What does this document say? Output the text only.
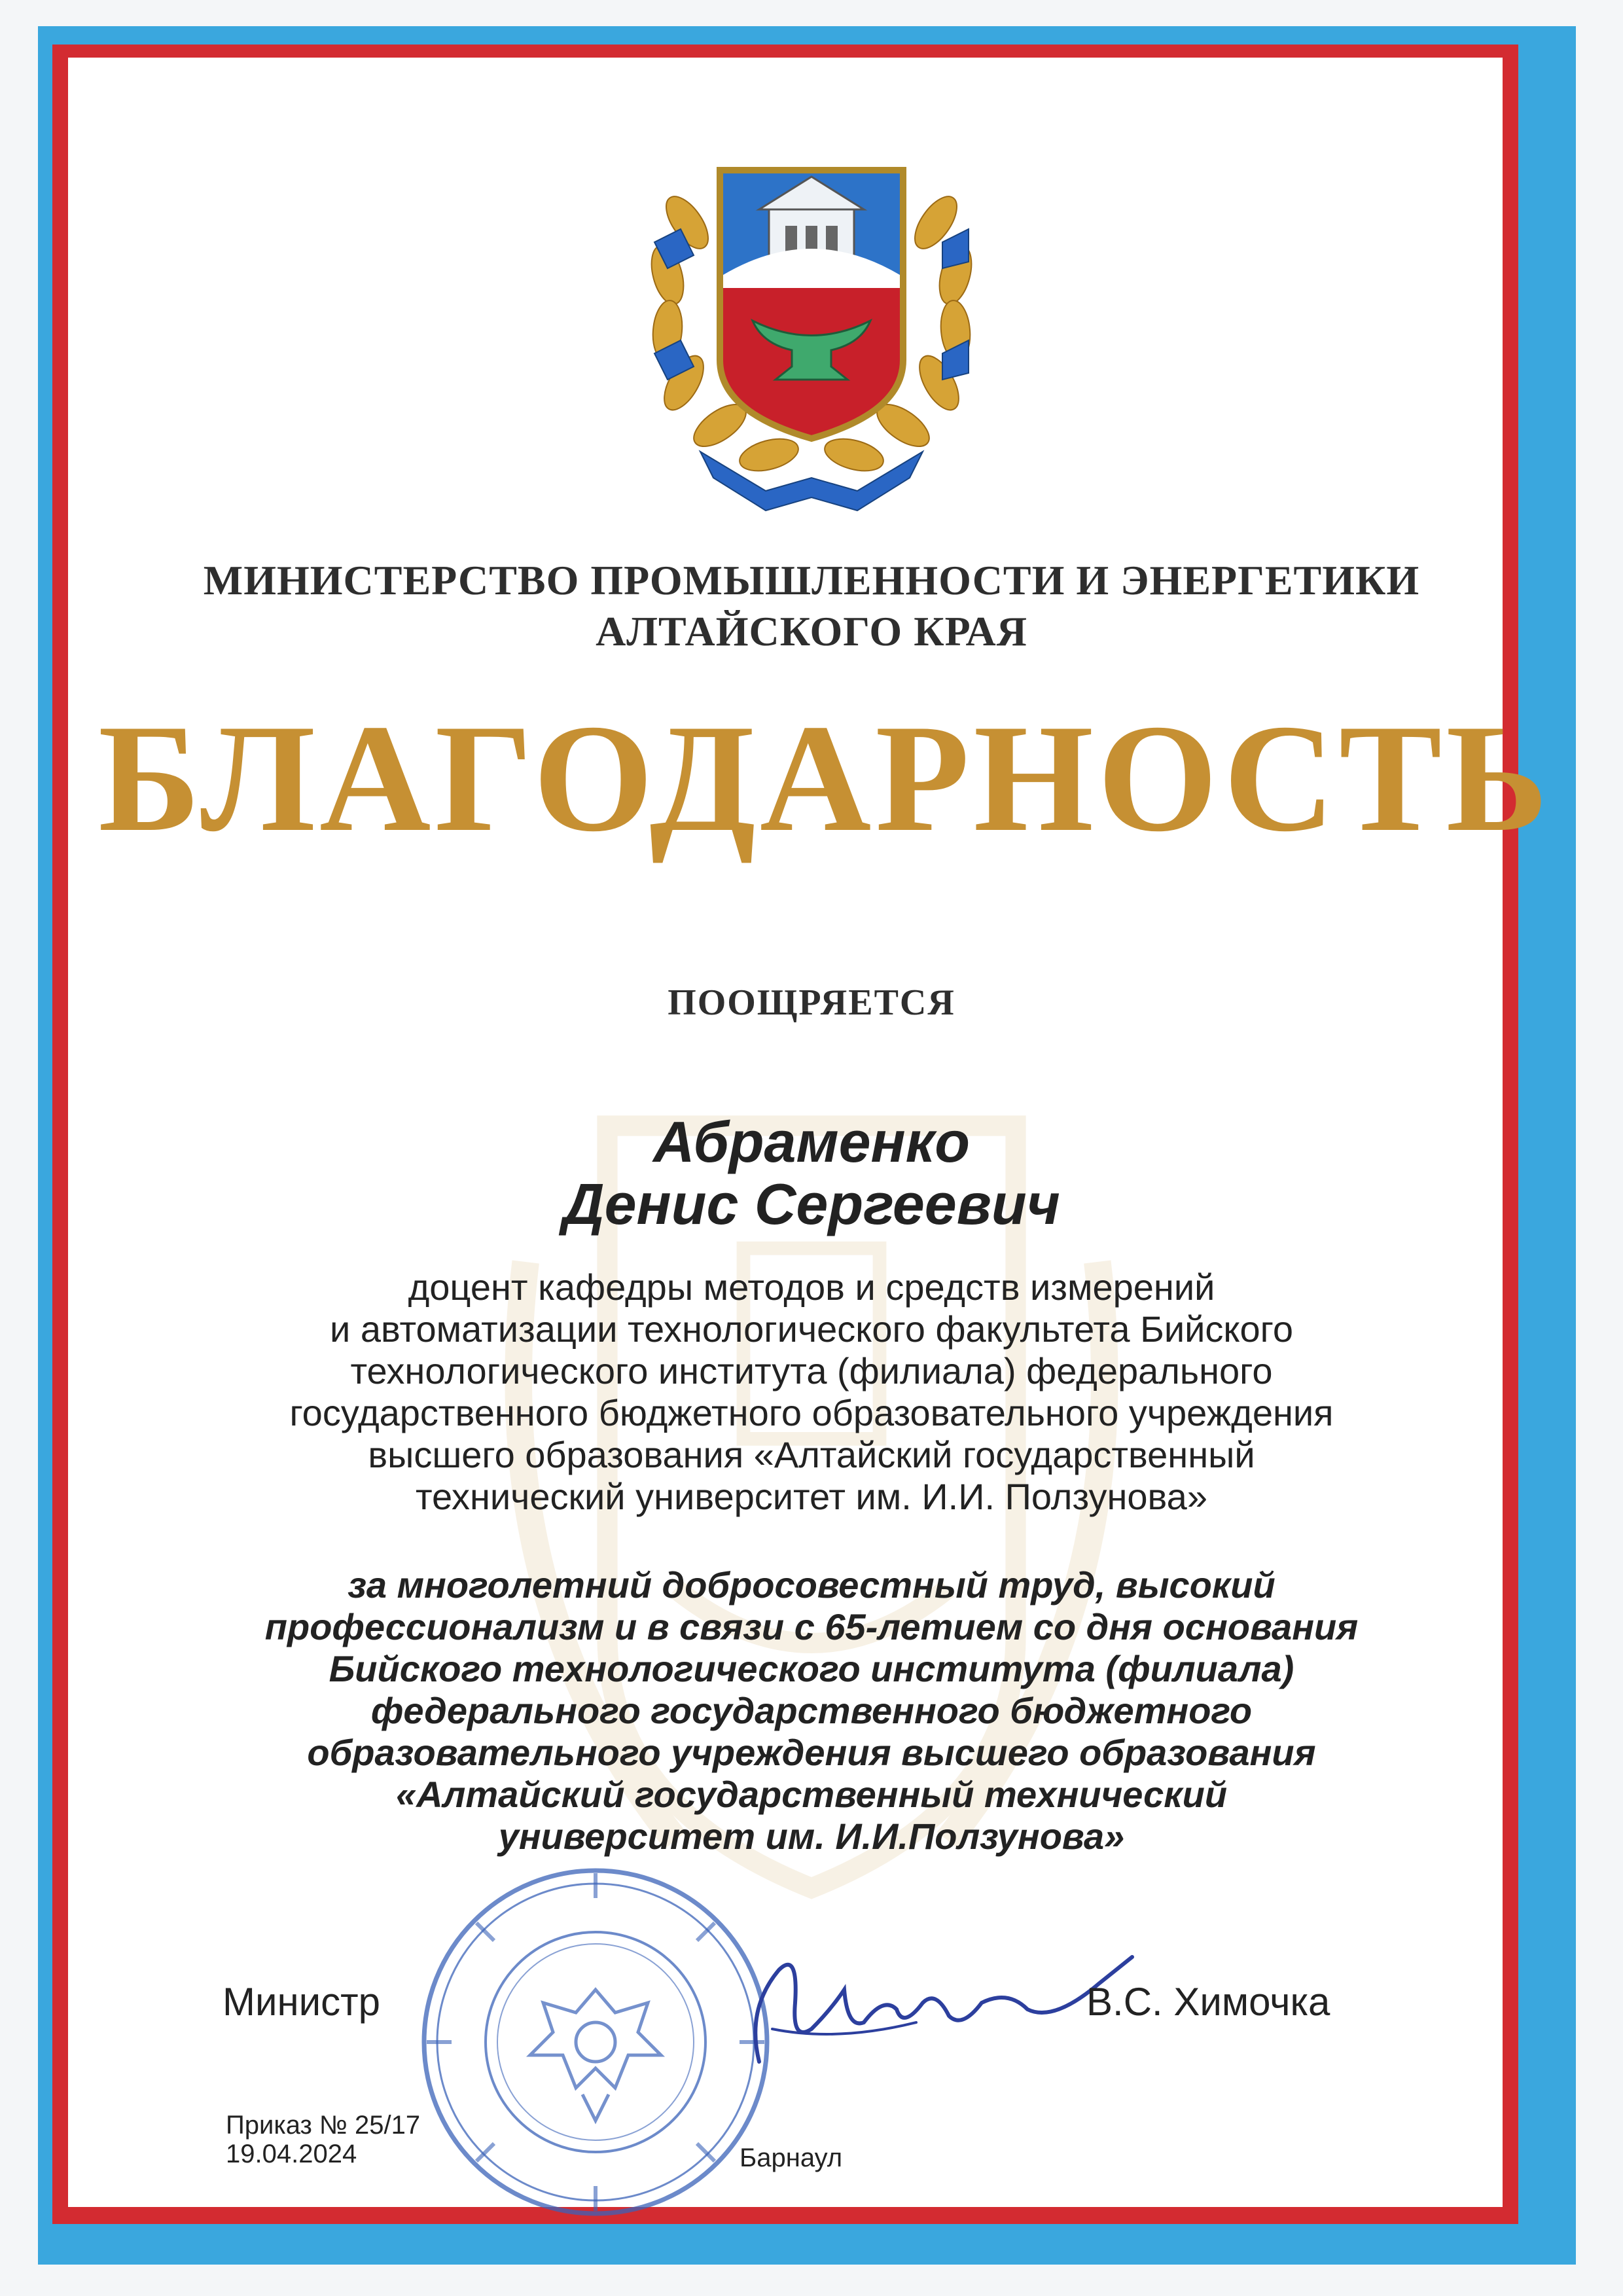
МИНИСТЕРСТВО ПРОМЫШЛЕННОСТИ И ЭНЕРГЕТИКИ
АЛТАЙСКОГО КРАЯ
БЛАГОДАРНОСТЬ
ПООЩРЯЕТСЯ
Абраменко
Денис Сергеевич
доцент кафедры методов и средств измерений
и автоматизации технологического факультета Бийского
технологического института (филиала) федерального
государственного бюджетного образовательного учреждения
высшего образования «Алтайский государственный
технический университет им. И.И. Ползунова»
за многолетний добросовестный труд, высокий
профессионализм и в связи с 65-летием со дня основания
Бийского технологического института (филиала)
федерального государственного бюджетного
образовательного учреждения высшего образования
«Алтайский государственный технический
университет им. И.И.Ползунова»
Министр	В.С. Химочка
Приказ № 25/17
19.04.2024	Барнаул
